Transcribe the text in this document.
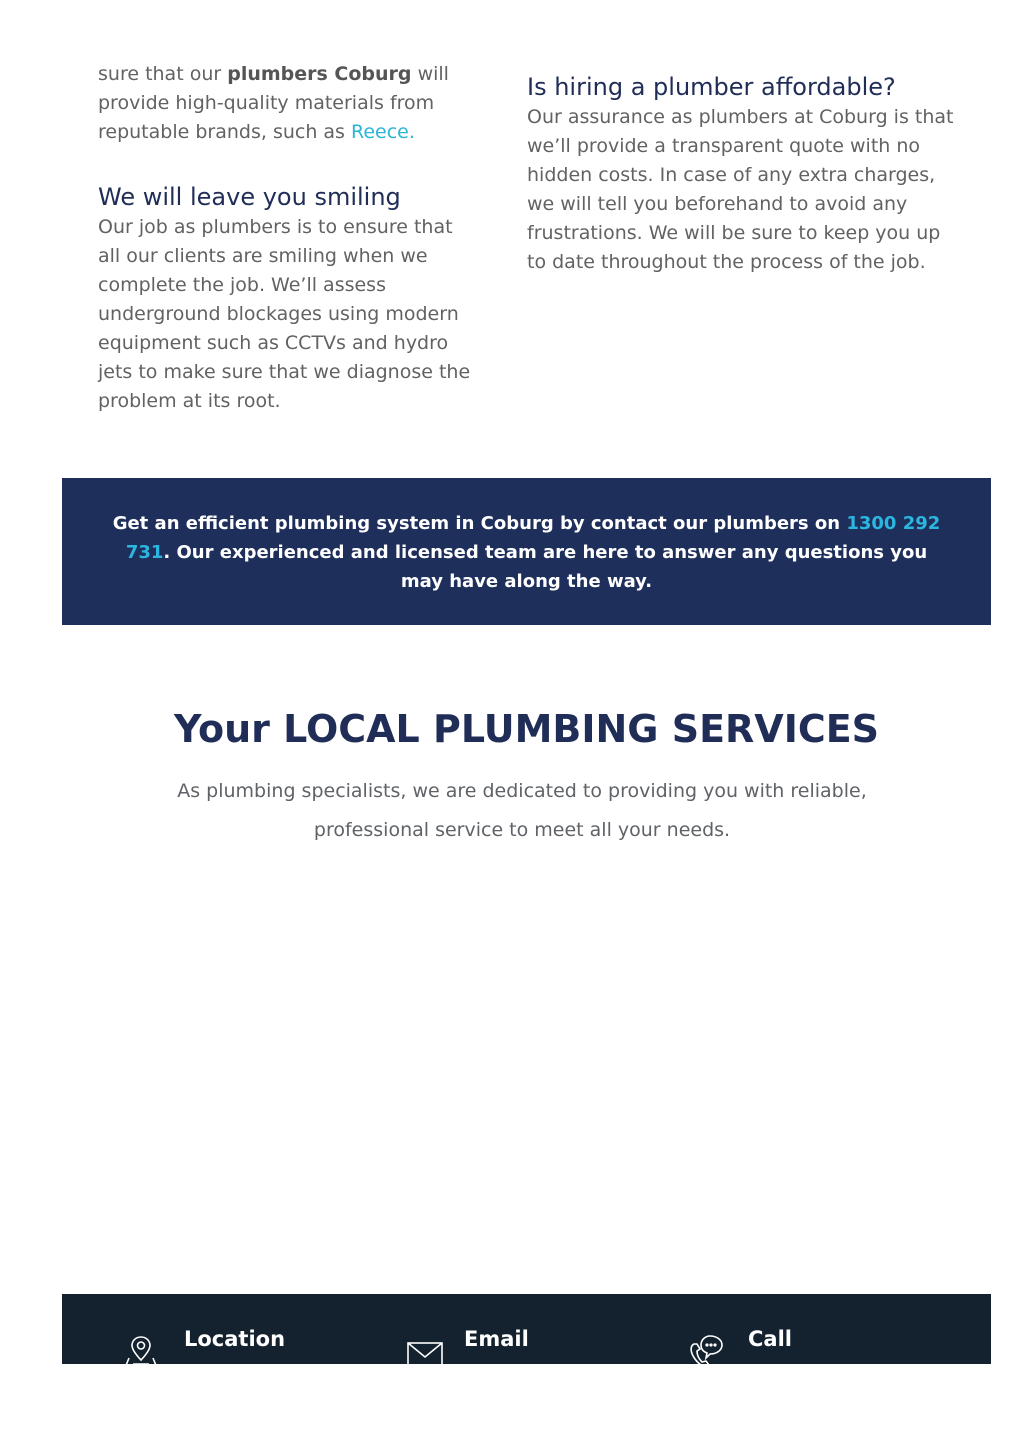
sure that our plumbers Coburg will provide high-quality materials from reputable brands, such as Reece.

We will leave you smiling

Our job as plumbers is to ensure that all our clients are smiling when we complete the job. We’ll assess underground blockages using modern equipment such as CCTVs and hydro jets to make sure that we diagnose the problem at its root.

Is hiring a plumber affordable?

Our assurance as plumbers at Coburg is that we’ll provide a transparent quote with no hidden costs. In case of any extra charges, we will tell you beforehand to avoid any frustrations. We will be sure to keep you up to date throughout the process of the job.

Get an efficient plumbing system in Coburg by contact our plumbers on 1300 292 731. Our experienced and licensed team are here to answer any questions you may have along the way.
Your LOCAL PLUMBING SERVICES

As plumbing specialists, we are dedicated to providing you with reliable, professional service to meet all your needs.

Location	Email	Call
